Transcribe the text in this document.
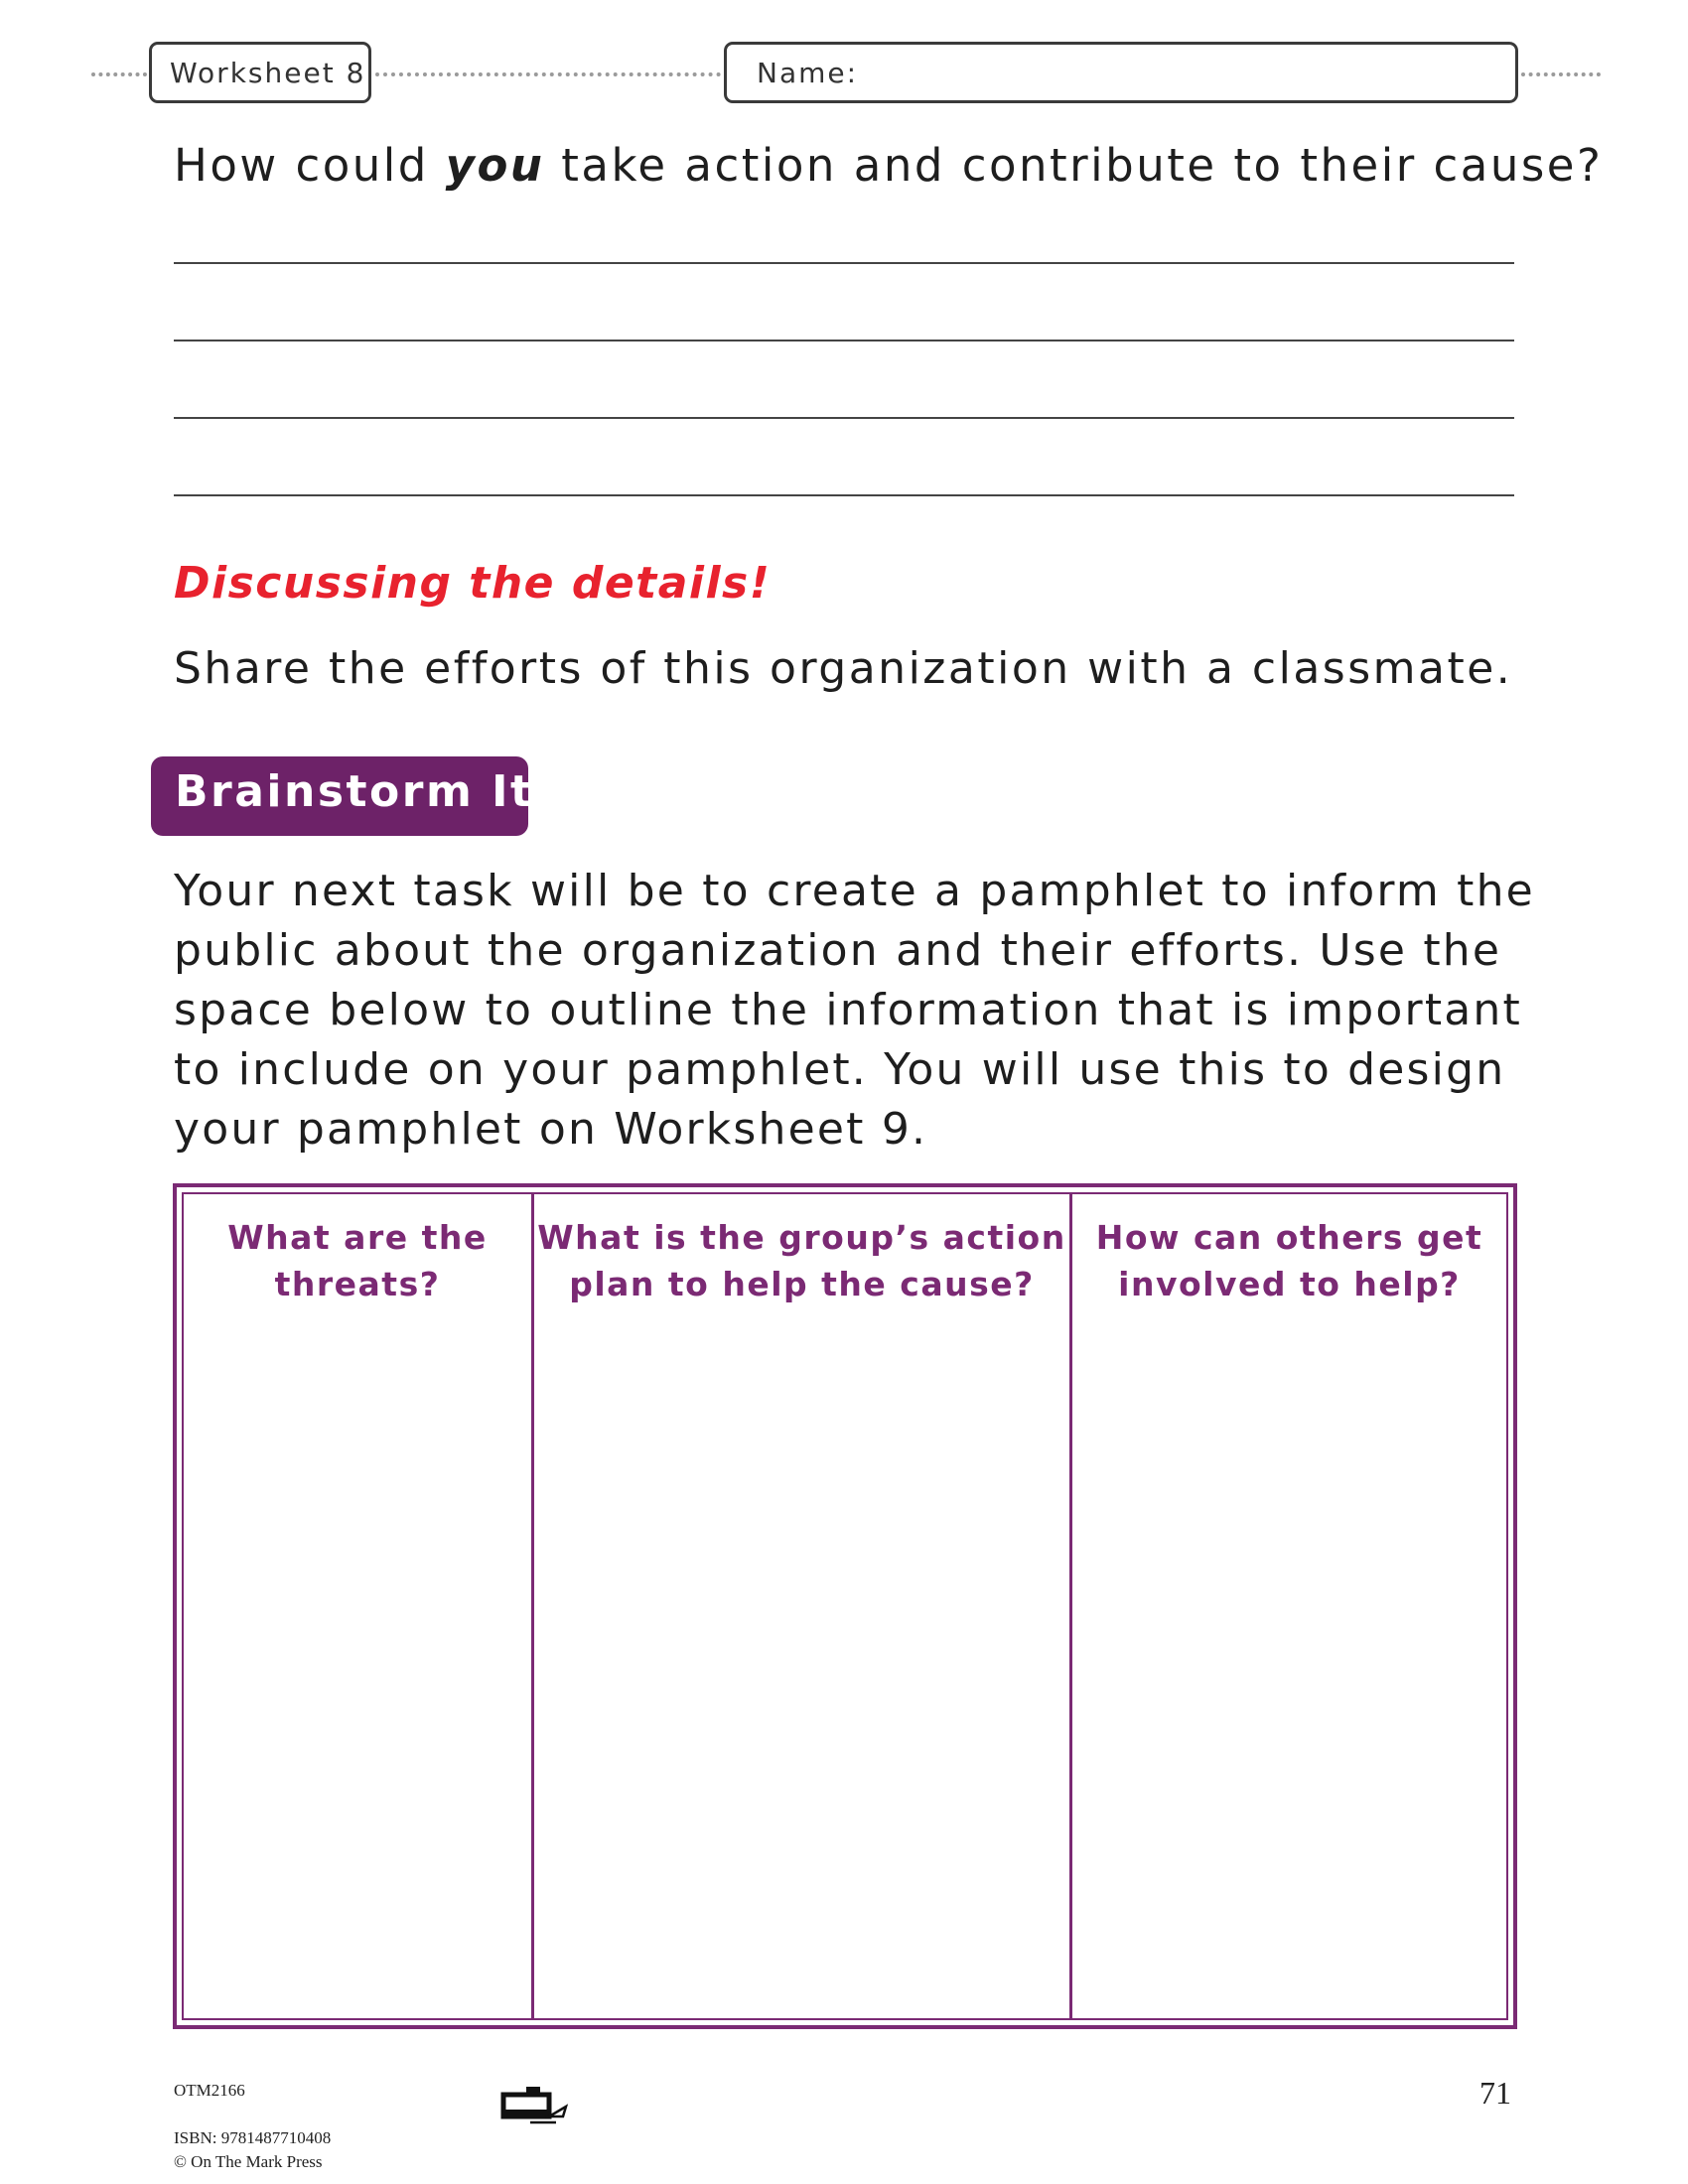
Worksheet 8	Name:
How could you take action and contribute to their cause?
Discussing the details!
Share the efforts of this organization with a classmate.
Brainstorm It!
Your next task will be to create a pamphlet to inform the
public about the organization and their efforts. Use the
space below to outline the information that is important
to include on your pamphlet. You will use this to design
your pamphlet on Worksheet 9.
What are the
threats?
What is the group’s action
plan to help the cause?
How can others get
involved to help?
OTM2166
ISBN: 9781487710408
© On The Mark Press
71
